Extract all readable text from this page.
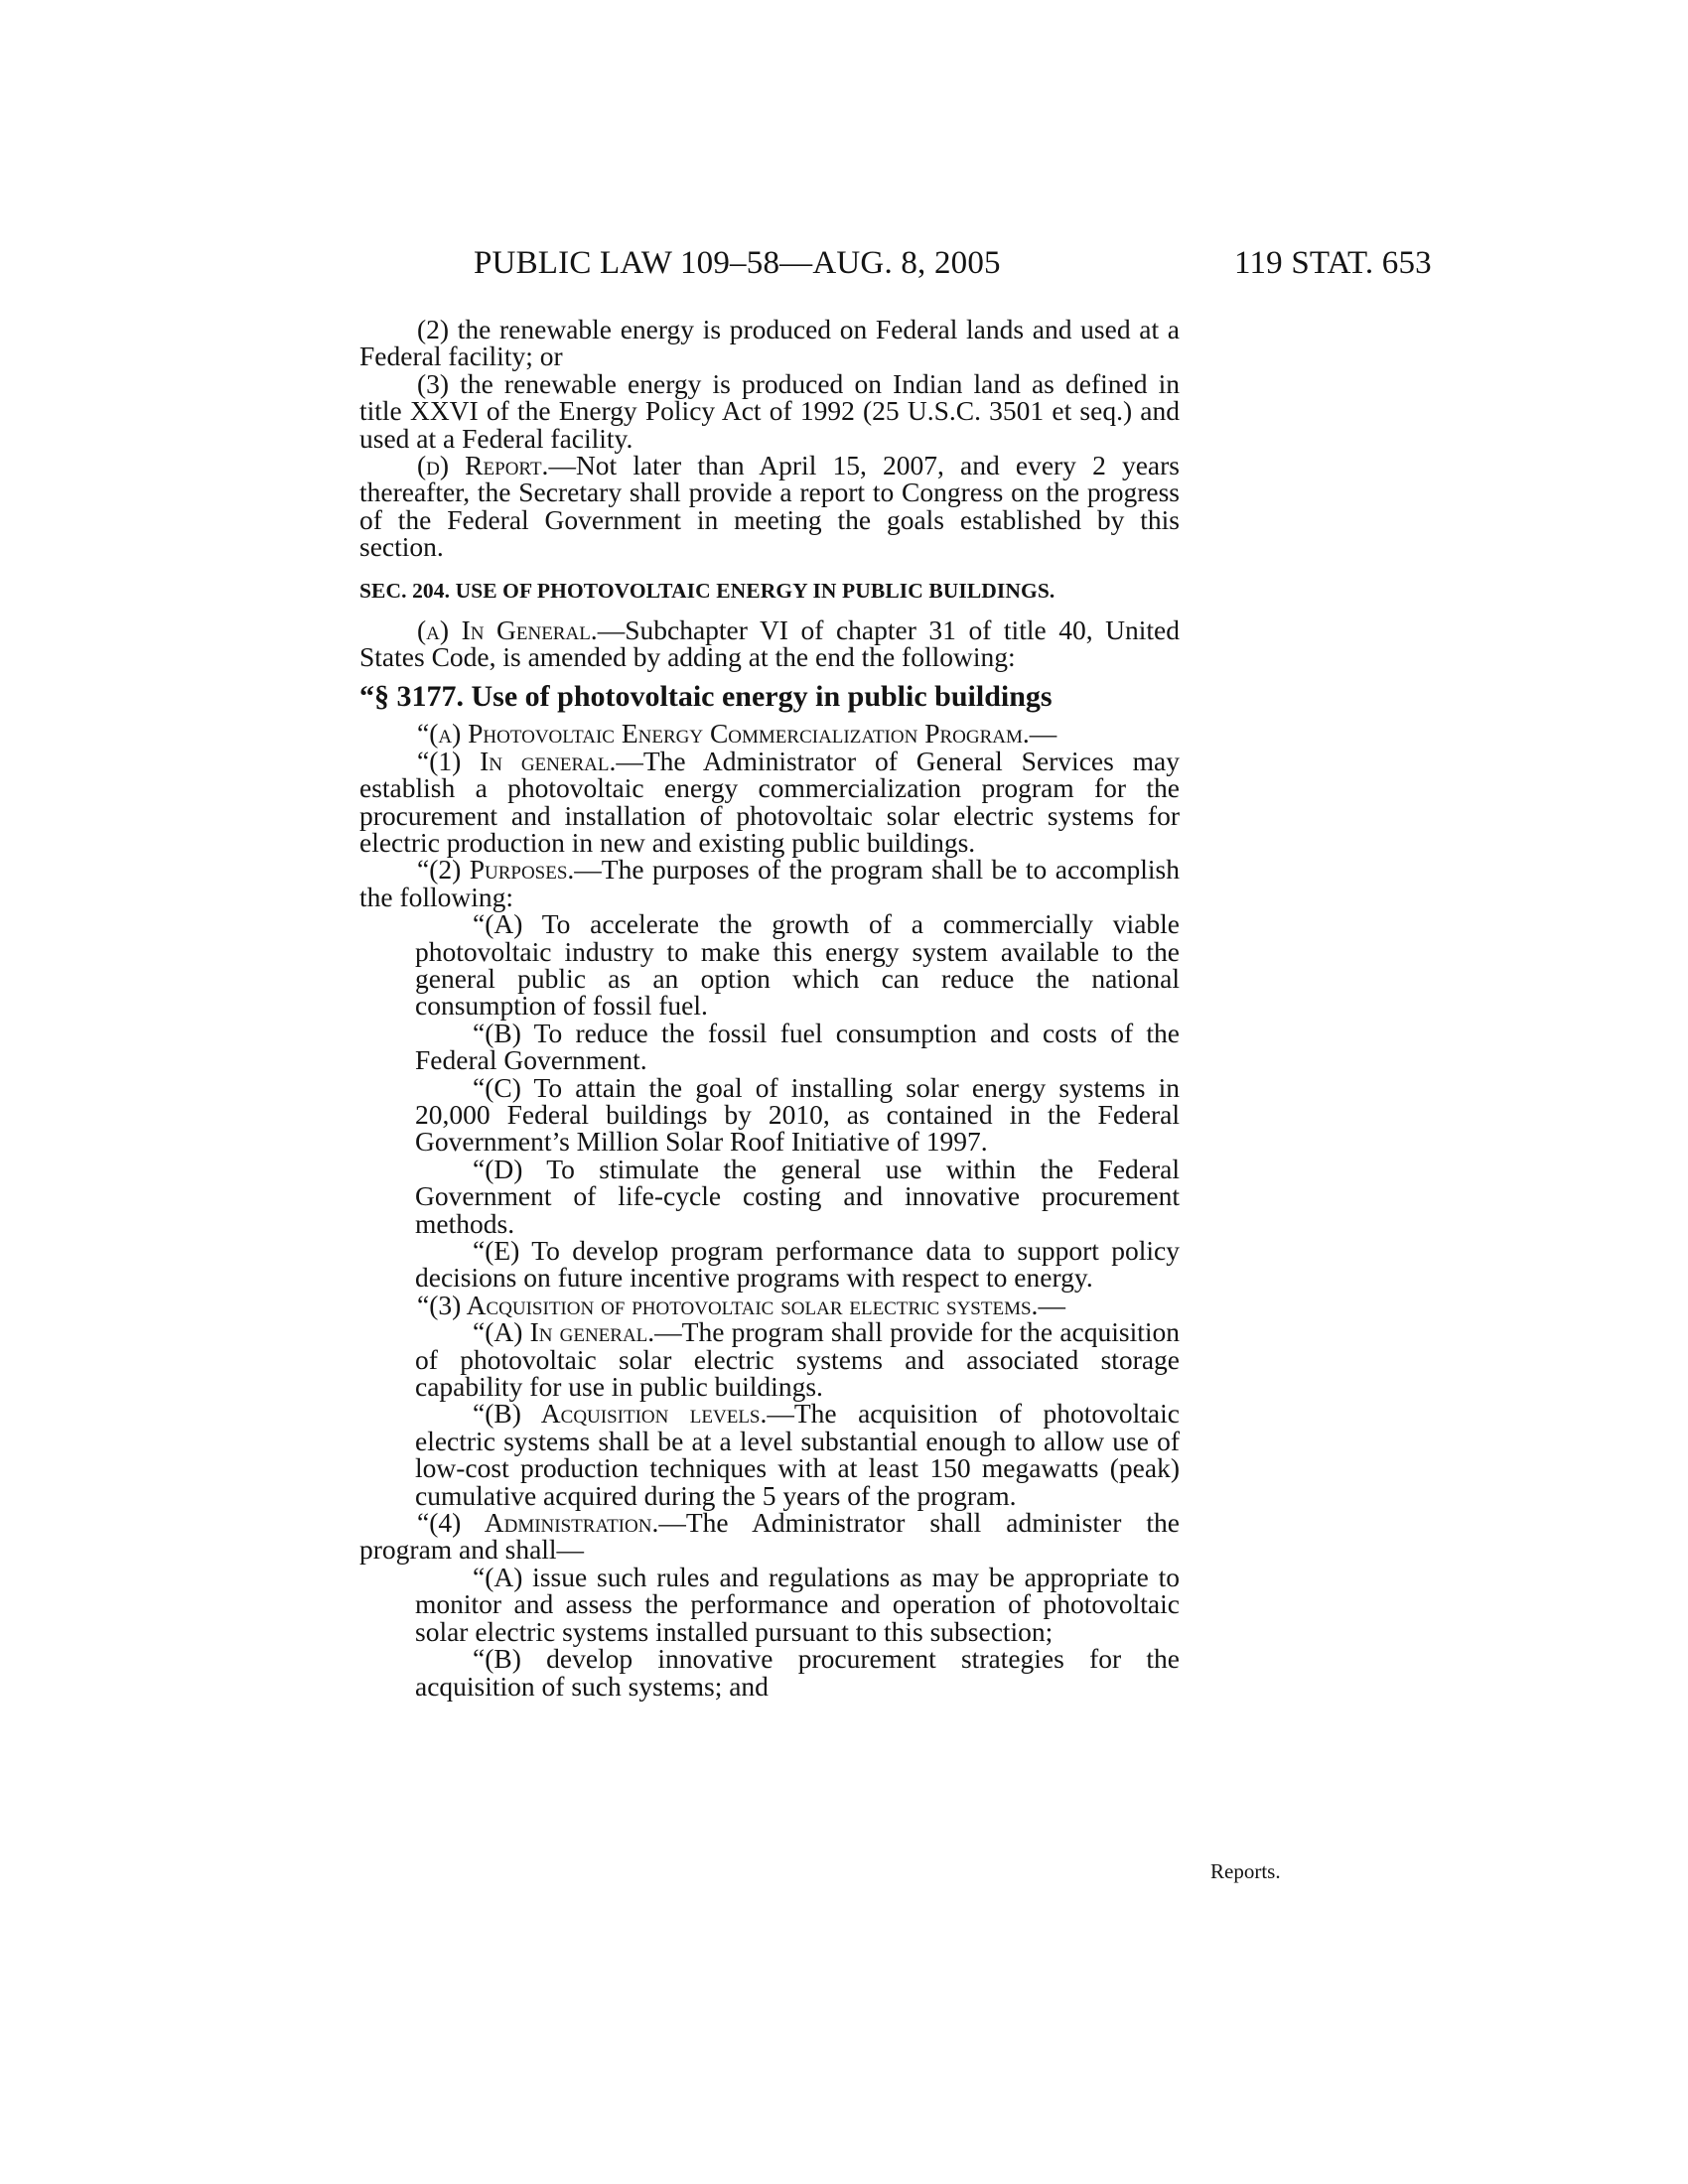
PUBLIC LAW 109–58—AUG. 8, 2005	119 STAT. 653

(2) the renewable energy is produced on Federal lands and used at a Federal facility; or

(3) the renewable energy is produced on Indian land as defined in title XXVI of the Energy Policy Act of 1992 (25 U.S.C. 3501 et seq.) and used at a Federal facility.

(d) Report.—Not later than April 15, 2007, and every 2 years thereafter, the Secretary shall provide a report to Congress on the progress of the Federal Government in meeting the goals established by this section.

SEC. 204. USE OF PHOTOVOLTAIC ENERGY IN PUBLIC BUILDINGS.

(a) In General.—Subchapter VI of chapter 31 of title 40, United States Code, is amended by adding at the end the following:

“§ 3177. Use of photovoltaic energy in public buildings

“(a) Photovoltaic Energy Commercialization Program.—

“(1) In general.—The Administrator of General Services may establish a photovoltaic energy commercialization program for the procurement and installation of photovoltaic solar electric systems for electric production in new and existing public buildings.

“(2) Purposes.—The purposes of the program shall be to accomplish the following:

“(A) To accelerate the growth of a commercially viable photovoltaic industry to make this energy system available to the general public as an option which can reduce the national consumption of fossil fuel.

“(B) To reduce the fossil fuel consumption and costs of the Federal Government.

“(C) To attain the goal of installing solar energy systems in 20,000 Federal buildings by 2010, as contained in the Federal Government’s Million Solar Roof Initiative of 1997.

“(D) To stimulate the general use within the Federal Government of life-cycle costing and innovative procurement methods.

“(E) To develop program performance data to support policy decisions on future incentive programs with respect to energy.

“(3) Acquisition of photovoltaic solar electric systems.—

“(A) In general.—The program shall provide for the acquisition of photovoltaic solar electric systems and associated storage capability for use in public buildings.

“(B) Acquisition levels.—The acquisition of photovoltaic electric systems shall be at a level substantial enough to allow use of low-cost production techniques with at least 150 megawatts (peak) cumulative acquired during the 5 years of the program.

“(4) Administration.—The Administrator shall administer the program and shall—

“(A) issue such rules and regulations as may be appropriate to monitor and assess the performance and operation of photovoltaic solar electric systems installed pursuant to this subsection;

“(B) develop innovative procurement strategies for the acquisition of such systems; and

Reports.
